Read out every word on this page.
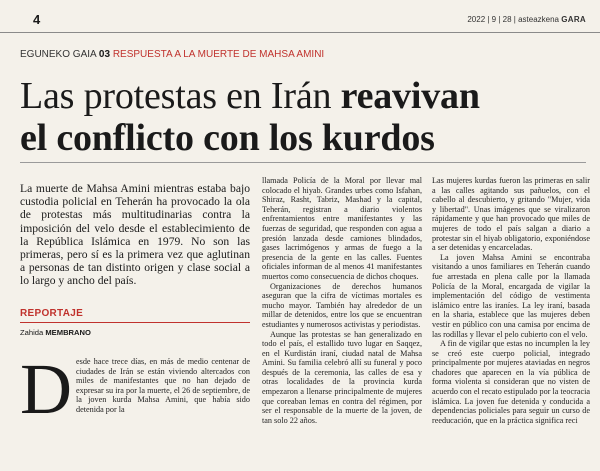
4	2022 | 9 | 28 | asteazkena GARA
EGUNEKO GAIA 03 RESPUESTA A LA MUERTE DE MAHSA AMINI
Las protestas en Irán reavivan
el conflicto con los kurdos
La muerte de Mahsa Amini mientras estaba bajo custodia policial en Teherán ha provocado la ola de protestas más multitudinarias contra la imposición del velo desde el establecimiento de la República Islámica en 1979. No son las primeras, pero sí es la primera vez que aglutinan a personas de tan distinto origen y clase social a lo largo y ancho del país.
REPORTAJE
Zahida MEMBRANO

Desde hace trece días, en más de medio centenar de ciudades de Irán se están viviendo altercados con miles de manifestantes que no han dejado de expresar su ira por la muerte, el 26 de septiembre, de la joven kurda Mahsa Amini, que había sido detenida por la

llamada Policía de la Moral por llevar mal colocado el hiyab. Grandes urbes como Isfahan, Shiraz, Rasht, Tabriz, Mashad y la capital, Teherán, registran a diario violentos enfrentamientos entre manifestantes y las fuerzas de seguridad, que responden con agua a presión lanzada desde camiones blindados, gases lacrimógenos y armas de fuego a la presencia de la gente en las calles. Fuentes oficiales informan de al menos 41 manifestantes muertos como consecuencia de dichos choques.

Organizaciones de derechos humanos aseguran que la cifra de víctimas mortales es mucho mayor. También hay alrededor de un millar de detenidos, entre los que se encuentran estudiantes y numerosos activistas y periodistas.

Aunque las protestas se han generalizado en todo el país, el estallido tuvo lugar en Saqqez, en el Kurdistán iraní, ciudad natal de Mahsa Amini. Su familia celebró allí su funeral y poco después de la ceremonia, las calles de esa y otras localidades de la provincia kurda empezaron a llenarse principalmente de mujeres que coreaban lemas en contra del régimen, por ser el responsable de la muerte de la joven, de tan solo 22 años.

Las mujeres kurdas fueron las primeras en salir a las calles agitando sus pañuelos, con el cabello al descubierto, y gritando "Mujer, vida y libertad". Unas imágenes que se viralizaron rápidamente y que han provocado que miles de mujeres de todo el país salgan a diario a protestar sin el hiyab obligatorio, exponiéndose a ser detenidas y encarceladas.

La joven Mahsa Amini se encontraba visitando a unos familiares en Teherán cuando fue arrestada en plena calle por la llamada Policía de la Moral, encargada de vigilar la implementación del código de vestimenta islámico entre las iraníes. La ley iraní, basada en la sharia, establece que las mujeres deben vestir en público con una camisa por encima de las rodillas y llevar el pelo cubierto con el velo.

A fin de vigilar que estas no incumplen la ley se creó este cuerpo policial, integrado principalmente por mujeres ataviadas en negros chadores que aparecen en la vía pública de forma violenta si consideran que no visten de acuerdo con el recato estipulado por la teocracia islámica. La joven fue detenida y conducida a dependencias policiales para seguir un curso de reeducación, que en la práctica significa reci
